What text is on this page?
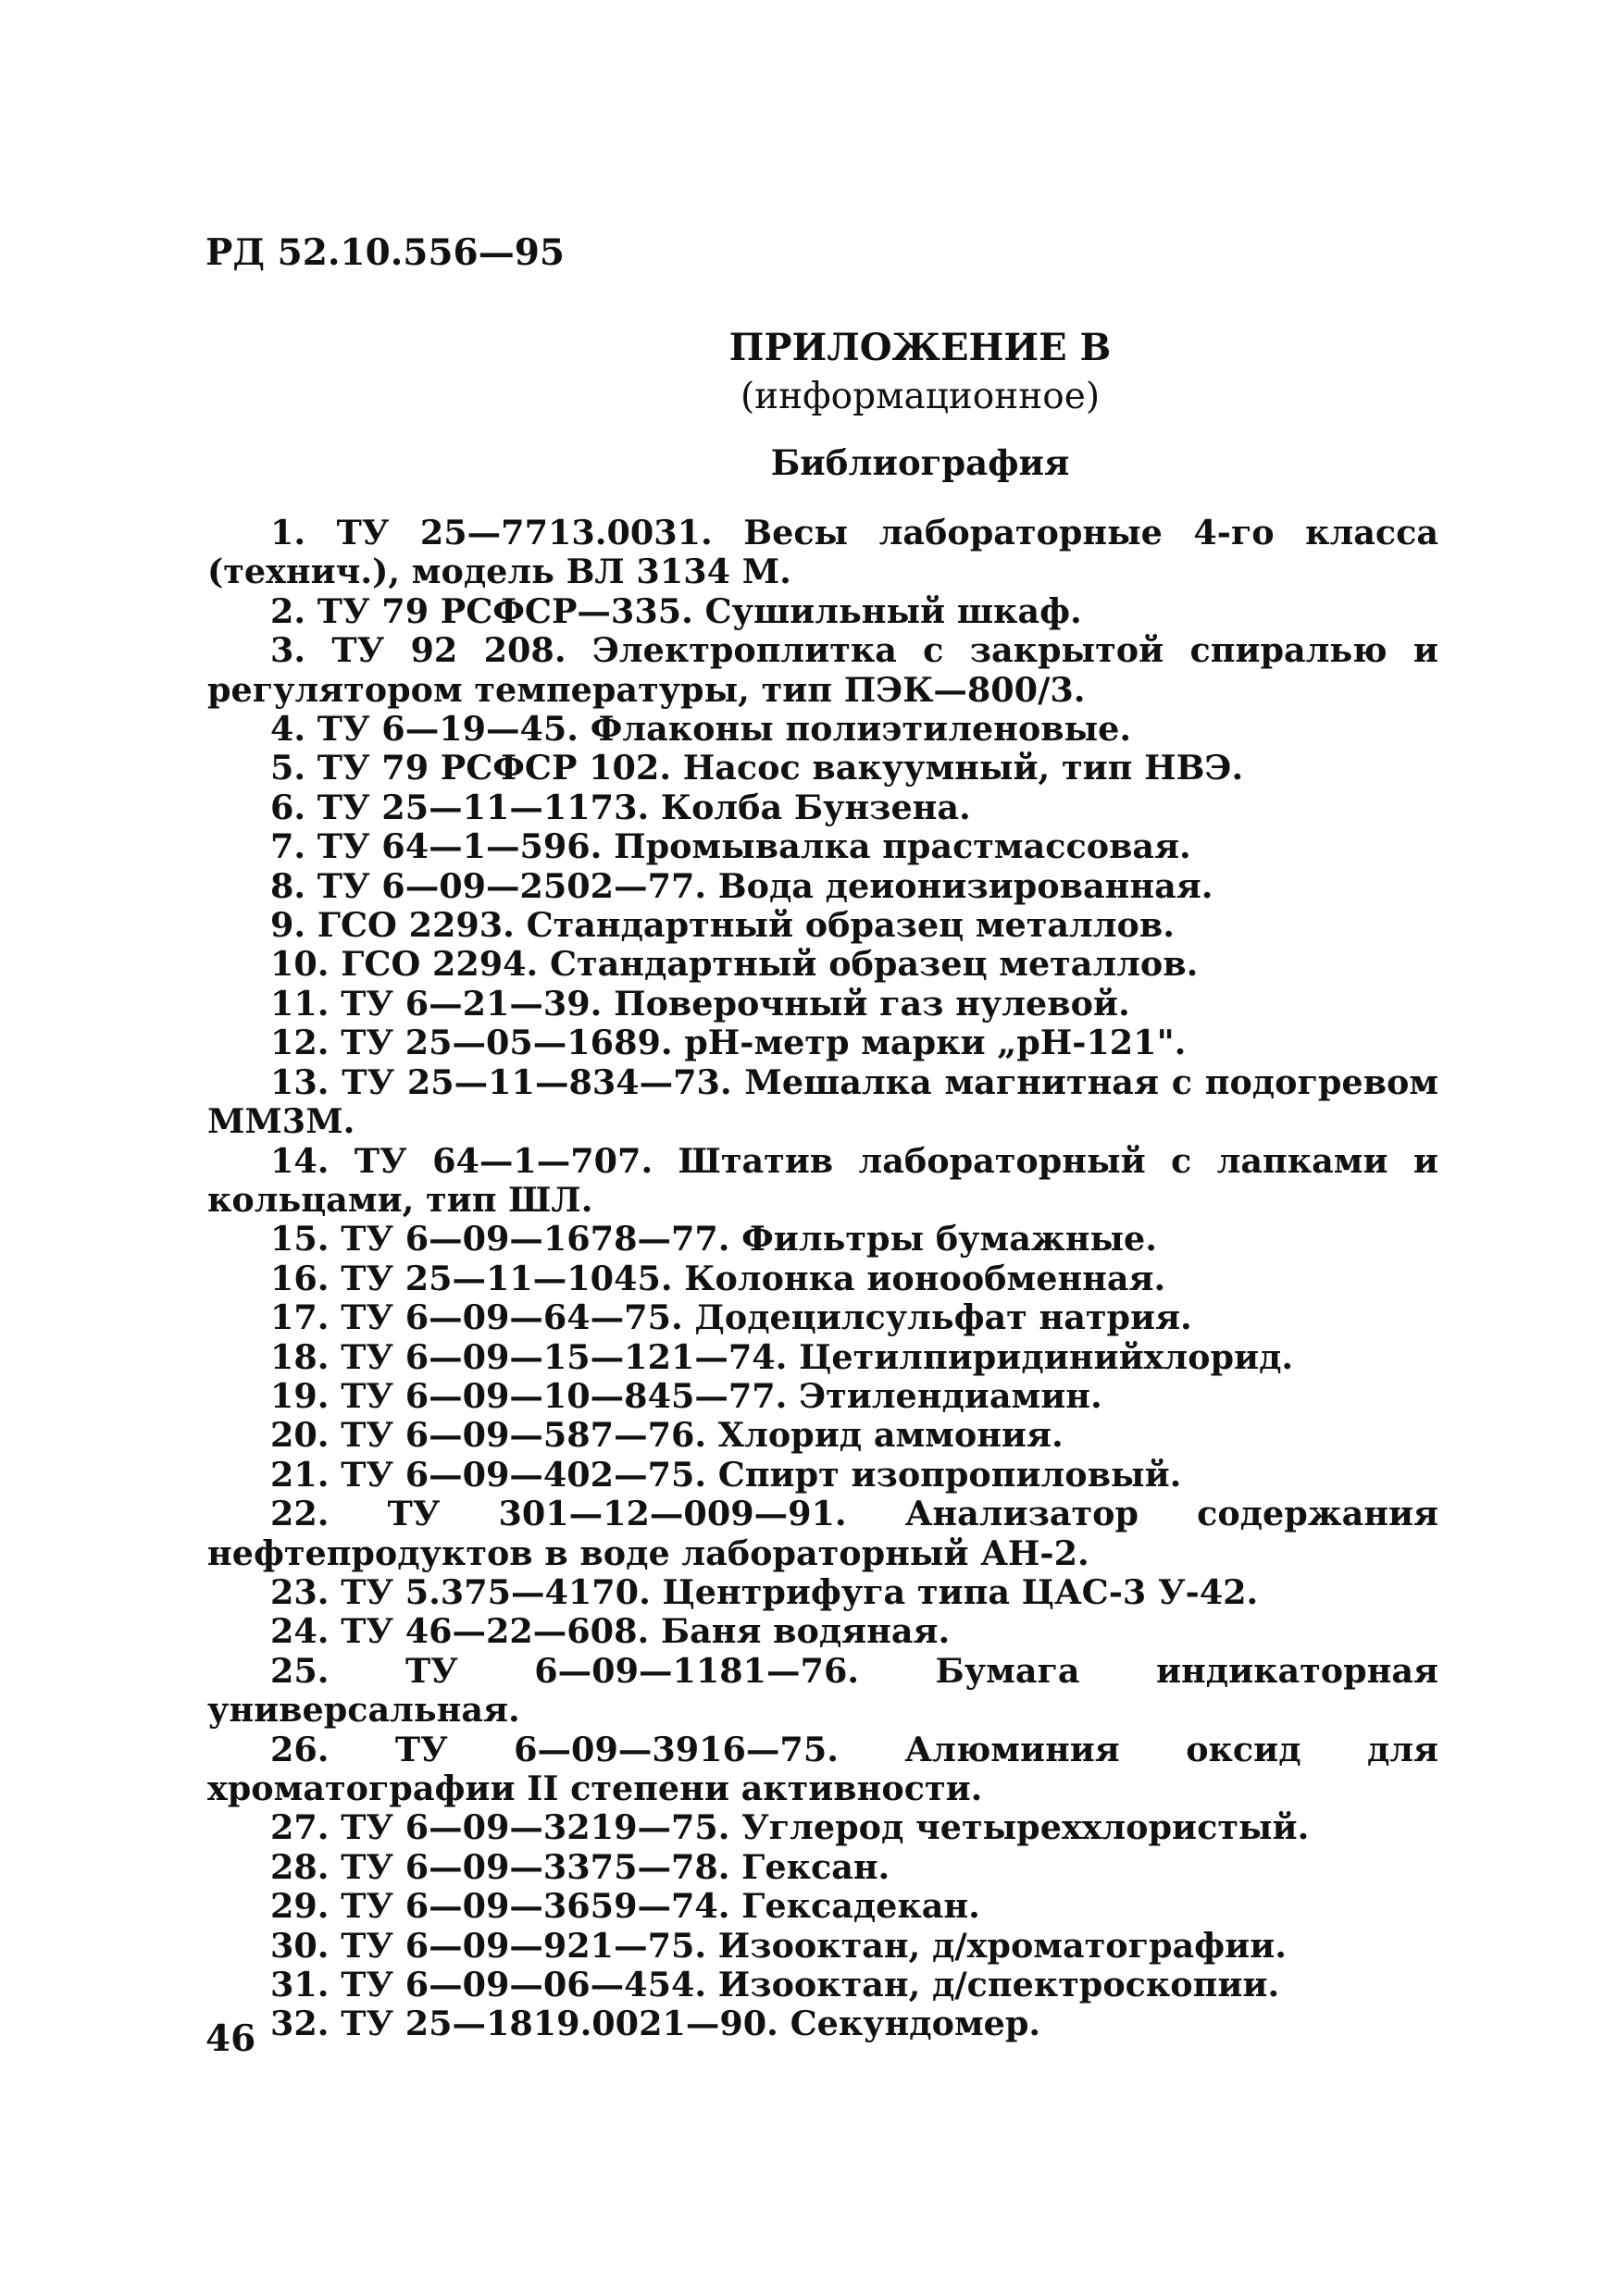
РД 52.10.556—95
ПРИЛОЖЕНИЕ В
(информационное)
Библиография
1. ТУ 25—7713.0031. Весы лабораторные 4-го класса (технич.), модель ВЛ 3134 М.
2. ТУ 79 РСФСР—335. Сушильный шкаф.
3. ТУ 92 208. Электроплитка с закрытой спиралью и регулятором температуры, тип ПЭК—800/3.
4. ТУ 6—19—45. Флаконы полиэтиленовые.
5. ТУ 79 РСФСР 102. Насос вакуумный, тип НВЭ.
6. ТУ 25—11—1173. Колба Бунзена.
7. ТУ 64—1—596. Промывалка прастмассовая.
8. ТУ 6—09—2502—77. Вода деионизированная.
9. ГСО 2293. Стандартный образец металлов.
10. ГСО 2294. Стандартный образец металлов.
11. ТУ 6—21—39. Поверочный газ нулевой.
12. ТУ 25—05—1689. pH-метр марки „pH-121".
13. ТУ 25—11—834—73. Мешалка магнитная с подогревом ММ3М.
14. ТУ 64—1—707. Штатив лабораторный с лапками и кольцами, тип ШЛ.
15. ТУ 6—09—1678—77. Фильтры бумажные.
16. ТУ 25—11—1045. Колонка ионообменная.
17. ТУ 6—09—64—75. Додецилсульфат натрия.
18. ТУ 6—09—15—121—74. Цетилпиридинийхлорид.
19. ТУ 6—09—10—845—77. Этилендиамин.
20. ТУ 6—09—587—76. Хлорид аммония.
21. ТУ 6—09—402—75. Спирт изопропиловый.
22. ТУ 301—12—009—91. Анализатор содержания нефтепродуктов в воде лабораторный АН-2.
23. ТУ 5.375—4170. Центрифуга типа ЦАС-3 У-42.
24. ТУ 46—22—608. Баня водяная.
25. ТУ 6—09—1181—76. Бумага индикаторная универсальная.
26. ТУ 6—09—3916—75. Алюминия оксид для хроматографии II степени активности.
27. ТУ 6—09—3219—75. Углерод четыреххлористый.
28. ТУ 6—09—3375—78. Гексан.
29. ТУ 6—09—3659—74. Гексадекан.
30. ТУ 6—09—921—75. Изооктан, д/хроматографии.
31. ТУ 6—09—06—454. Изооктан, д/спектроскопии.
32. ТУ 25—1819.0021—90. Секундомер.
46
